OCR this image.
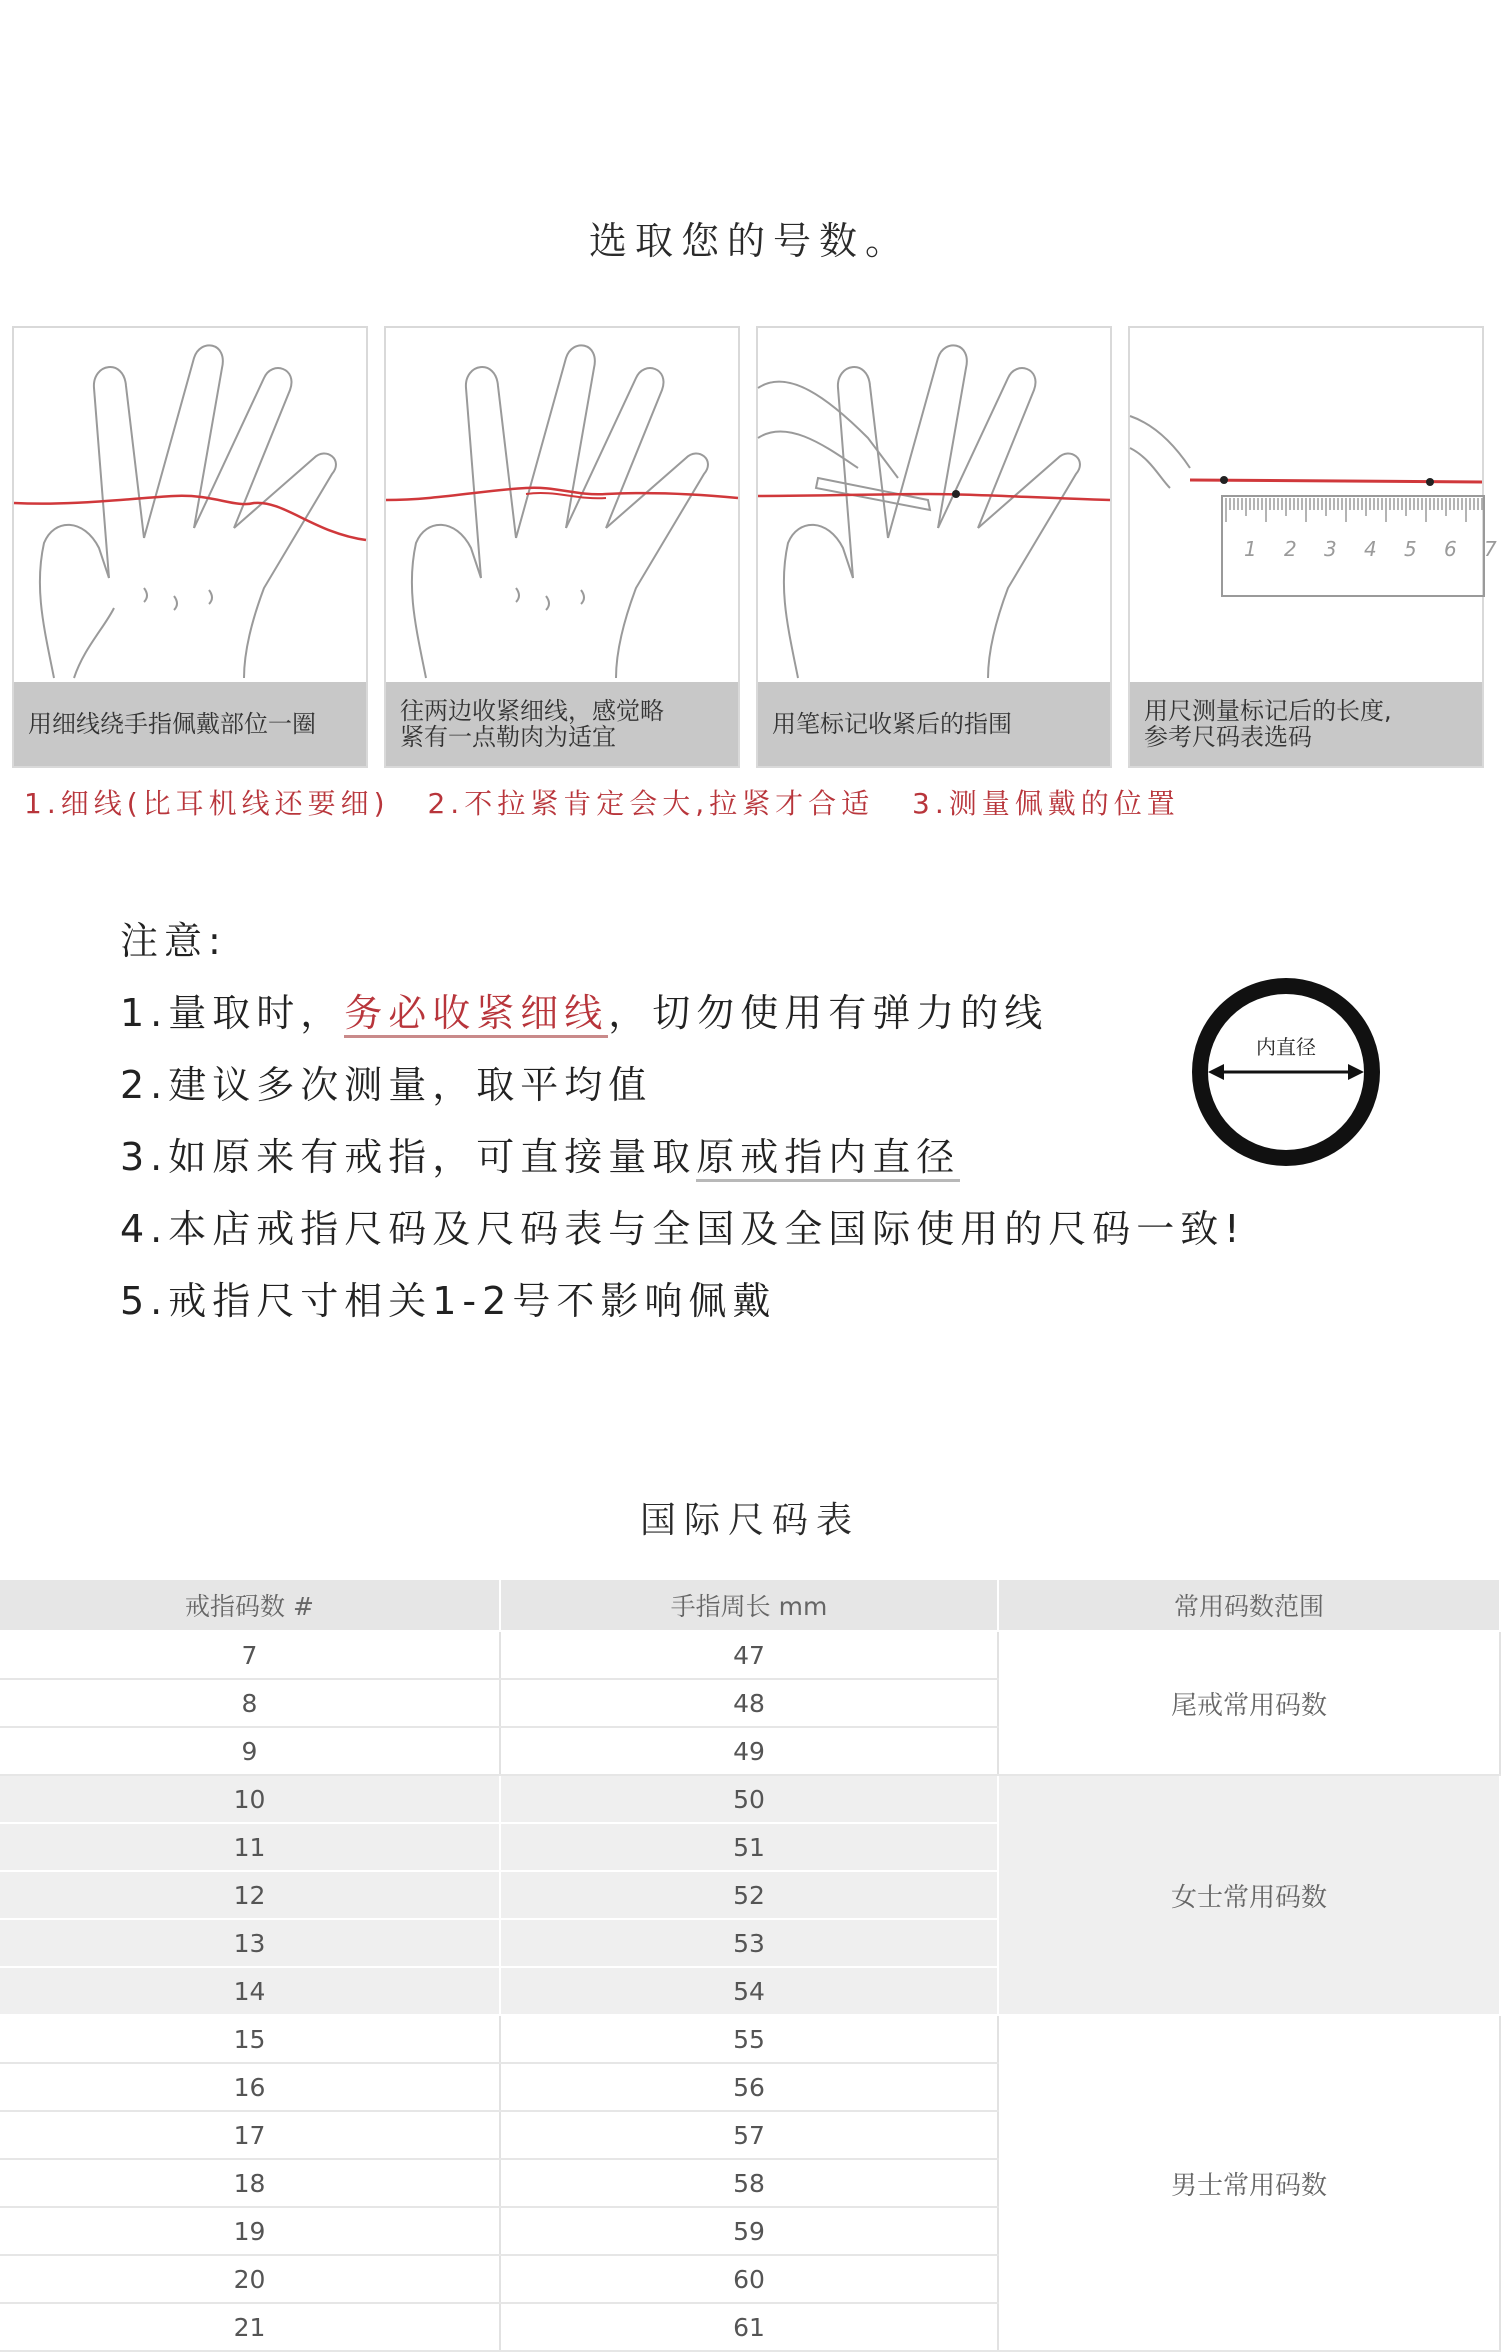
选取您的号数。
用细线绕手指佩戴部位一圈	往两边收紧细线，感觉略
紧有一点勒肉为适宜	用笔标记收紧后的指围
1 2 3 4 5 6 7
用尺测量标记后的长度,
参考尺码表选码
1.细线(比耳机线还要细) 2.不拉紧肯定会大,拉紧才合适 3.测量佩戴的位置
注意:
1.量取时，务必收紧细线，切勿使用有弹力的线
2.建议多次测量，取平均值
3.如原来有戒指，可直接量取原戒指内直径
4.本店戒指尺码及尺码表与全国及全国际使用的尺码一致!
5.戒指尺寸相关1-2号不影响佩戴
内直径
国际尺码表
戒指码数 #	手指周长 mm	常用码数范围
7	47	尾戒常用码数
8	48	
9	49	
10	50	女士常用码数
11	51	
12	52	
13	53	
14	54	
15	55	男士常用码数
16	56	
17	57	
18	58	
19	59	
20	60	
21	61	
